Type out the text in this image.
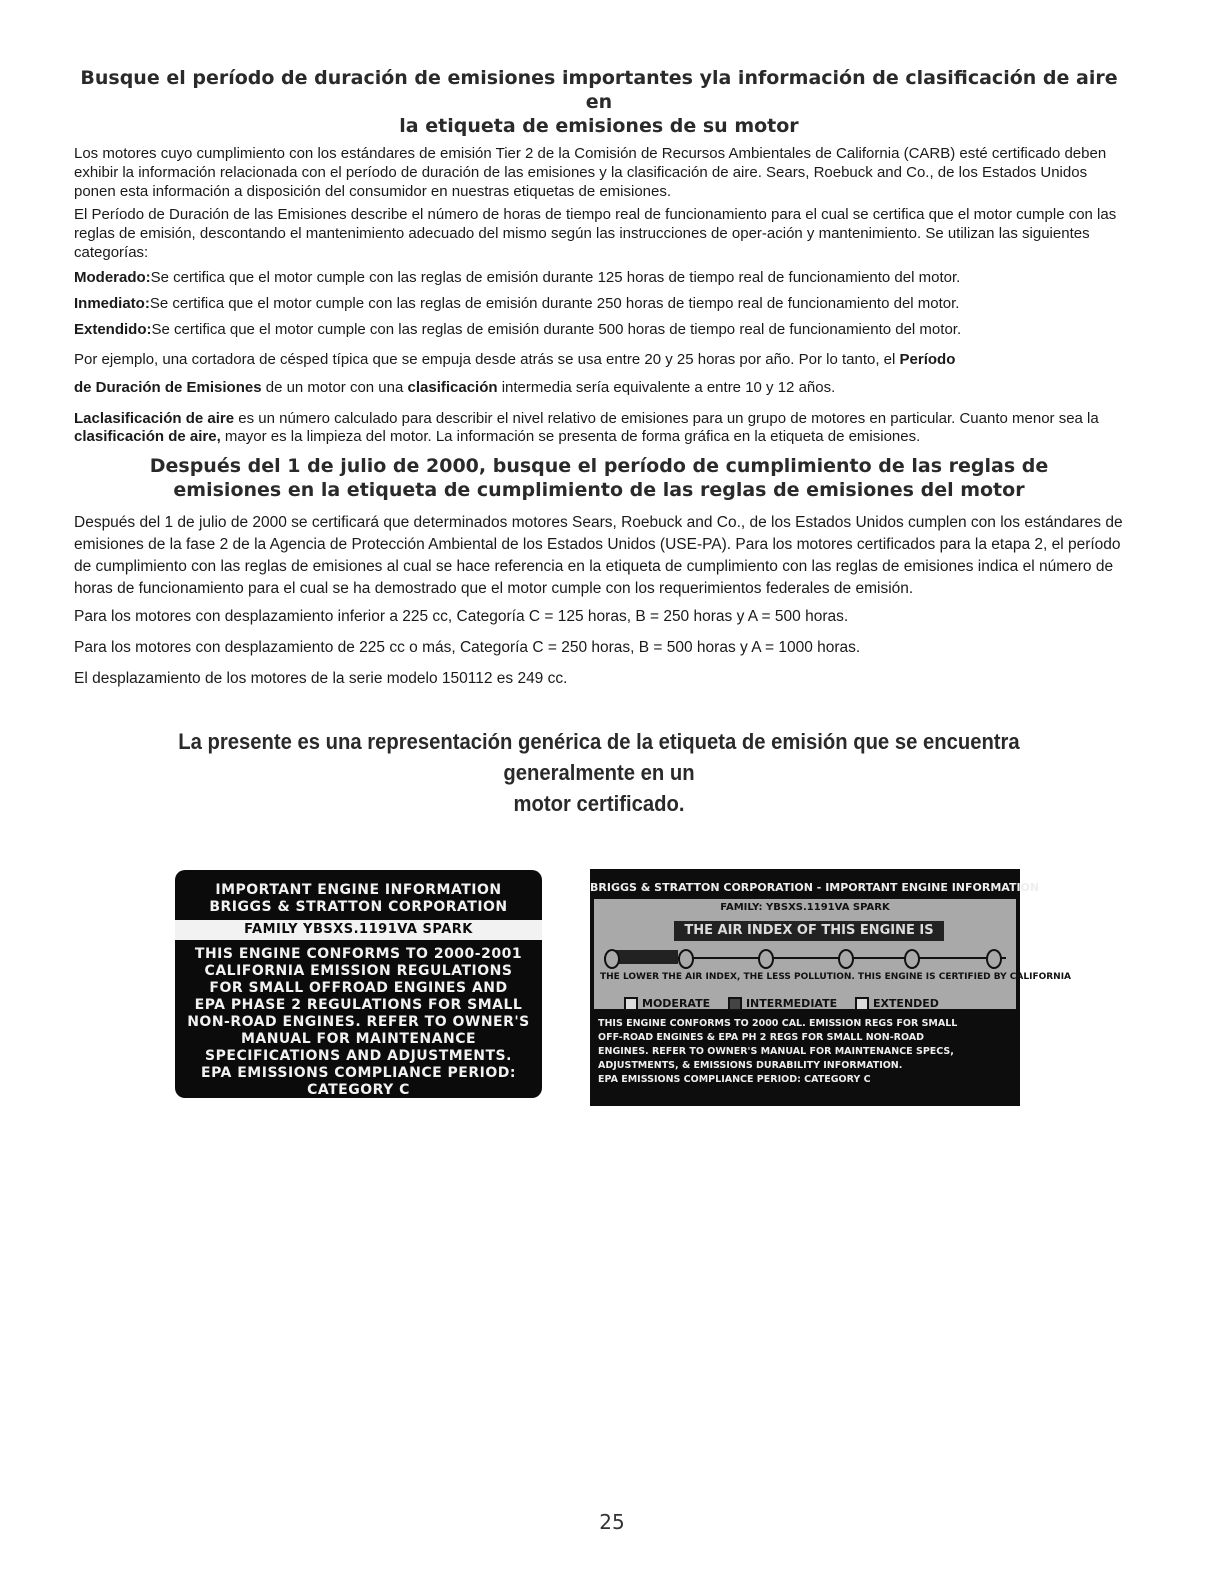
Busque el período de duración de emisiones importantes yla información de clasificación de aire en
la etiqueta de emisiones de su motor

Los motores cuyo cumplimiento con los estándares de emisión Tier 2 de la Comisión de Recursos Ambientales de California (CARB) esté certificado deben exhibir la información relacionada con el período de duración de las emisiones y la clasificación de aire. Sears, Roebuck and Co., de los Estados Unidos ponen esta información a disposición del consumidor en nuestras etiquetas de emisiones.

El Período de Duración de las Emisiones describe el número de horas de tiempo real de funcionamiento para el cual se certifica que el motor cumple con las reglas de emisión, descontando el mantenimiento adecuado del mismo según las instrucciones de oper-ación y mantenimiento. Se utilizan las siguientes categorías:

Moderado:Se certifica que el motor cumple con las reglas de emisión durante 125 horas de tiempo real de funcionamiento del motor.

Inmediato:Se certifica que el motor cumple con las reglas de emisión durante 250 horas de tiempo real de funcionamiento del motor.

Extendido:Se certifica que el motor cumple con las reglas de emisión durante 500 horas de tiempo real de funcionamiento del motor.

Por ejemplo, una cortadora de césped típica que se empuja desde atrás se usa entre 20 y 25 horas por año. Por lo tanto, el Período
de Duración de Emisiones de un motor con una clasificación intermedia sería equivalente a entre 10 y 12 años.

Laclasificación de aire es un número calculado para describir el nivel relativo de emisiones para un grupo de motores en particular. Cuanto menor sea la clasificación de aire, mayor es la limpieza del motor. La información se presenta de forma gráfica en la etiqueta de emisiones.

Después del 1 de julio de 2000, busque el período de cumplimiento de las reglas de
emisiones en la etiqueta de cumplimiento de las reglas de emisiones del motor

Después del 1 de julio de 2000 se certificará que determinados motores Sears, Roebuck and Co., de los Estados Unidos cumplen con los estándares de emisiones de la fase 2 de la Agencia de Protección Ambiental de los Estados Unidos (USE-PA). Para los motores certificados para la etapa 2, el período de cumplimiento con las reglas de emisiones al cual se hace referencia en la etiqueta de cumplimiento con las reglas de emisiones indica el número de horas de funcionamiento para el cual se ha demostrado que el motor cumple con los requerimientos federales de emisión.

Para los motores con desplazamiento inferior a 225 cc, Categoría C = 125 horas, B = 250 horas y A = 500 horas.

Para los motores con desplazamiento de 225 cc o más, Categoría C = 250 horas, B = 500 horas y A = 1000 horas.

El desplazamiento de los motores de la serie modelo 150112 es 249 cc.

La presente es una representación genérica de la etiqueta de emisión que se encuentra generalmente en un
motor certificado.
IMPORTANT ENGINE INFORMATION
BRIGGS & STRATTON CORPORATION
FAMILY YBSXS.1191VA SPARK
THIS ENGINE CONFORMS TO 2000-2001
CALIFORNIA EMISSION REGULATIONS
FOR SMALL OFFROAD ENGINES AND
EPA PHASE 2 REGULATIONS FOR SMALL
NON-ROAD ENGINES. REFER TO OWNER'S
MANUAL FOR MAINTENANCE
SPECIFICATIONS AND ADJUSTMENTS.
EPA EMISSIONS COMPLIANCE PERIOD:
CATEGORY C
BRIGGS & STRATTON CORPORATION - IMPORTANT ENGINE INFORMATION
FAMILY: YBSXS.1191VA SPARK
THE AIR INDEX OF THIS ENGINE IS
THE LOWER THE AIR INDEX, THE LESS POLLUTION. THIS ENGINE IS CERTIFIED BY CALIFORNIA
MODERATE	INTERMEDIATE	EXTENDED
THIS ENGINE CONFORMS TO 2000 CAL. EMISSION REGS FOR SMALL
OFF-ROAD ENGINES & EPA PH 2 REGS FOR SMALL NON-ROAD
ENGINES. REFER TO OWNER'S MANUAL FOR MAINTENANCE SPECS,
ADJUSTMENTS, & EMISSIONS DURABILITY INFORMATION.
EPA EMISSIONS COMPLIANCE PERIOD: CATEGORY C
25
